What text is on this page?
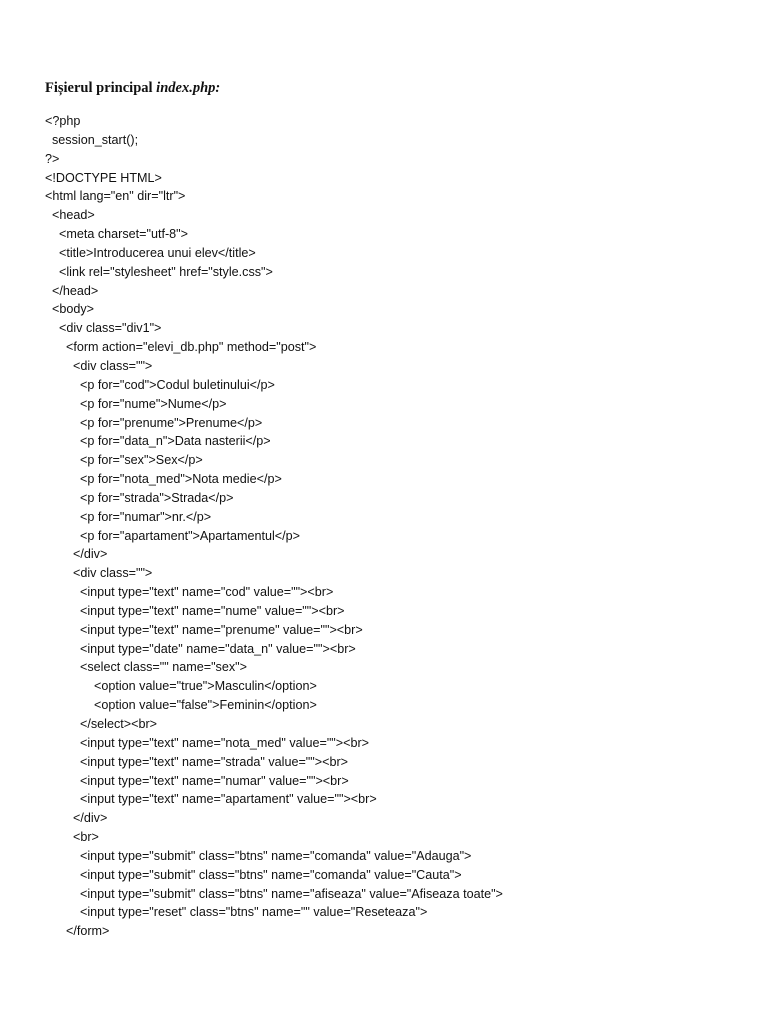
Fișierul principal index.php:
<?php
session_start();
?>
<!DOCTYPE HTML>
<html lang="en" dir="ltr">
<head>
<meta charset="utf-8">
<title>Introducerea unui elev</title>
<link rel="stylesheet" href="style.css">
</head>
<body>
<div class="div1">
<form action="elevi_db.php" method="post">
<div class="">
<p for="cod">Codul buletinului</p>
<p for="nume">Nume</p>
<p for="prenume">Prenume</p>
<p for="data_n">Data nasterii</p>
<p for="sex">Sex</p>
<p for="nota_med">Nota medie</p>
<p for="strada">Strada</p>
<p for="numar">nr.</p>
<p for="apartament">Apartamentul</p>
</div>
<div class="">
<input type="text" name="cod" value=""><br>
<input type="text" name="nume" value=""><br>
<input type="text" name="prenume" value=""><br>
<input type="date" name="data_n" value=""><br>
<select class="" name="sex">
<option value="true">Masculin</option>
<option value="false">Feminin</option>
</select><br>
<input type="text" name="nota_med" value=""><br>
<input type="text" name="strada" value=""><br>
<input type="text" name="numar" value=""><br>
<input type="text" name="apartament" value=""><br>
</div>
<br>
<input type="submit" class="btns" name="comanda" value="Adauga">
<input type="submit" class="btns" name="comanda" value="Cauta">
<input type="submit" class="btns" name="afiseaza" value="Afiseaza toate">
<input type="reset" class="btns" name="" value="Reseteaza">
</form>
